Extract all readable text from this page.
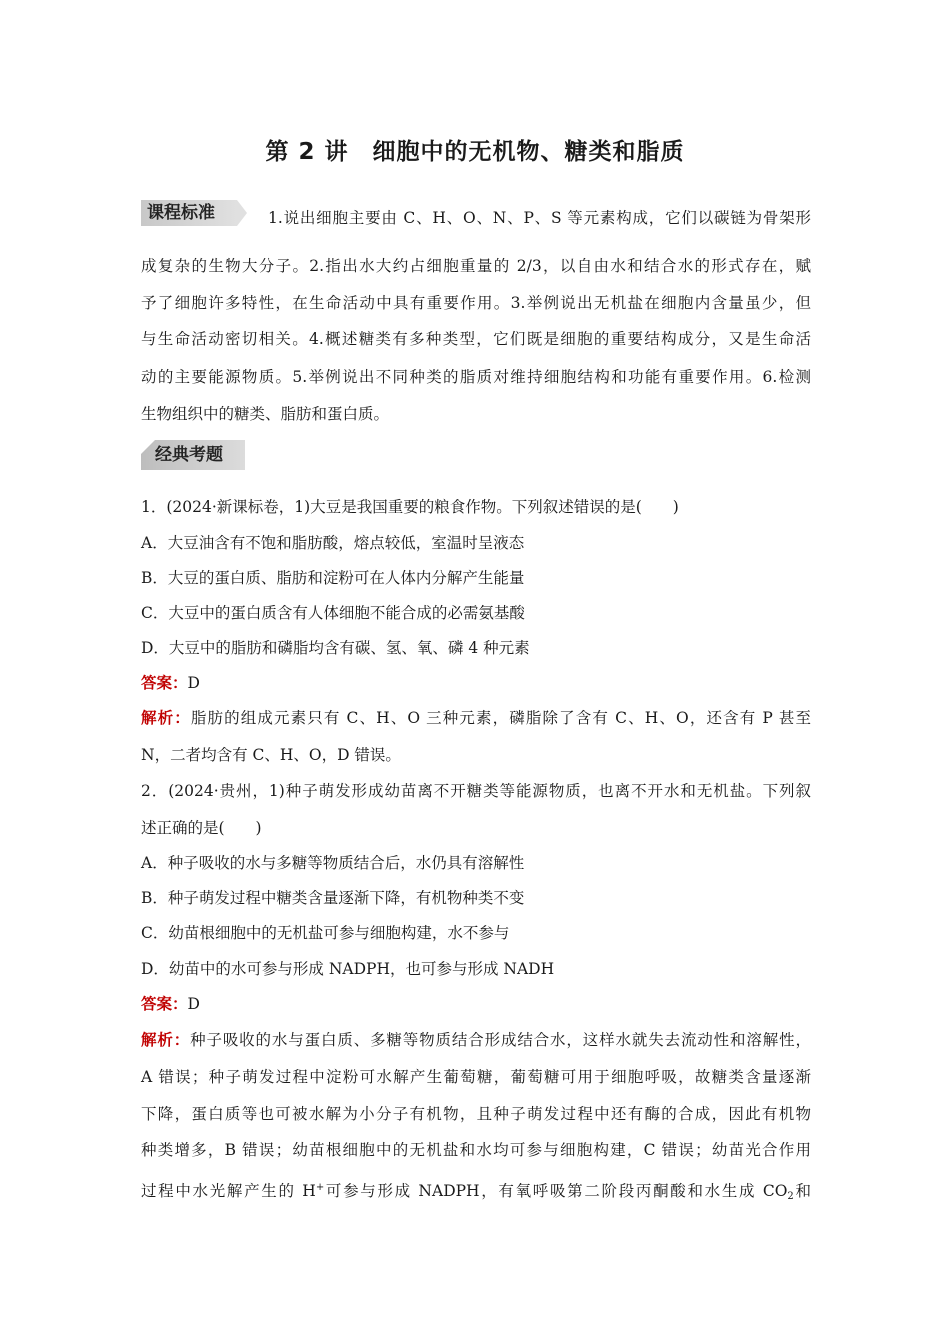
第 2 讲　细胞中的无机物、糖类和脂质
课程标准	1.说出细胞主要由 C、H、O、N、P、S 等元素构成，它们以碳链为骨架形
成复杂的生物大分子。2.指出水大约占细胞重量的 2/3，以自由水和结合水的形式存在，赋
予了细胞许多特性，在生命活动中具有重要作用。3.举例说出无机盐在细胞内含量虽少，但
与生命活动密切相关。4.概述糖类有多种类型，它们既是细胞的重要结构成分，又是生命活
动的主要能源物质。5.举例说出不同种类的脂质对维持细胞结构和功能有重要作用。6.检测
生物组织中的糖类、脂肪和蛋白质。
经典考题
1．(2024·新课标卷，1)大豆是我国重要的粮食作物。下列叙述错误的是(　　)
A．大豆油含有不饱和脂肪酸，熔点较低，室温时呈液态
B．大豆的蛋白质、脂肪和淀粉可在人体内分解产生能量
C．大豆中的蛋白质含有人体细胞不能合成的必需氨基酸
D．大豆中的脂肪和磷脂均含有碳、氢、氧、磷 4 种元素
答案：D
解析：脂肪的组成元素只有 C、H、O 三种元素，磷脂除了含有 C、H、O，还含有 P 甚至
N，二者均含有 C、H、O，D 错误。
2．(2024·贵州，1)种子萌发形成幼苗离不开糖类等能源物质，也离不开水和无机盐。下列叙
述正确的是(　　)
A．种子吸收的水与多糖等物质结合后，水仍具有溶解性
B．种子萌发过程中糖类含量逐渐下降，有机物种类不变
C．幼苗根细胞中的无机盐可参与细胞构建，水不参与
D．幼苗中的水可参与形成 NADPH，也可参与形成 NADH
答案：D
解析：种子吸收的水与蛋白质、多糖等物质结合形成结合水，这样水就失去流动性和溶解性，
A 错误；种子萌发过程中淀粉可水解产生葡萄糖，葡萄糖可用于细胞呼吸，故糖类含量逐渐
下降，蛋白质等也可被水解为小分子有机物，且种子萌发过程中还有酶的合成，因此有机物
种类增多，B 错误；幼苗根细胞中的无机盐和水均可参与细胞构建，C 错误；幼苗光合作用
过程中水光解产生的 H+可参与形成 NADPH，有氧呼吸第二阶段丙酮酸和水生成 $CO_2$和
